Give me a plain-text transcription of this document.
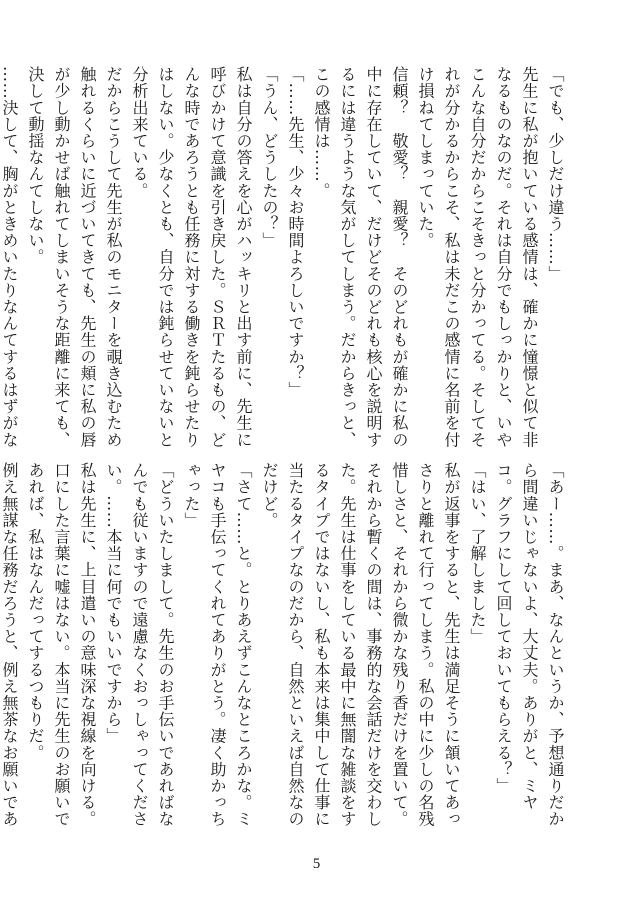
「でも、少しだけ違う……」

先生に私が抱いている感情は、確かに憧憬と似て非なるものなのだ。それは自分でもしっかりと、いやこんな自分だからこそきっと分かってる。そしてそれが分かるからこそ、私は未だこの感情に名前を付け損ねてしまっていた。

信頼？　敬愛？　親愛？　そのどれもが確かに私の中に存在していて、だけどそのどれも核心を説明するには違うような気がしてしまう。だからきっと、この感情は……。

「……先生、少々お時間よろしいですか？」

「うん、どうしたの？」

私は自分の答えを心がハッキリと出す前に、先生に呼びかけて意識を引き戻した。ＳＲＴたるもの、どんな時であろうとも任務に対する働きを鈍らせたりはしない。少なくとも、自分では鈍らせていないと分析出来ている。

だからこうして先生が私のモニターを覗き込むため触れるくらいに近づいてきても、先生の頬に私の唇が少し動かせば触れてしまいそうな距離に来ても、決して動揺なんてしない。

……決して、胸がときめいたりなんてするはずがな

「あー……。まあ、なんというか、予想通りだから間違いじゃないよ、大丈夫。ありがと、ミヤコ。グラフにして回しておいてもらえる？」

「はい、了解しました」

私が返事をすると、先生は満足そうに頷いてあっさりと離れて行ってしまう。私の中に少しの名残惜しさと、それから微かな残り香だけを置いて。

それから暫くの間は、事務的な会話だけを交わした。先生は仕事をしている最中に無闇な雑談をするタイプではないし、私も本来は集中して仕事に当たるタイプなのだから、自然といえば自然なのだけど。

「さて……と。とりあえずこんなところかな。ミヤコも手伝ってくれてありがとう。凄く助かっちゃった」

「どういたしまして。先生のお手伝いであればなんでも従いますので遠慮なくおっしゃってください。……本当に何でもいいですから」

私は先生に、上目遣いの意味深な視線を向ける。口にした言葉に嘘はない。本当に先生のお願いであれば、私はなんだってするつもりだ。

例え無謀な任務だろうと、例え無茶なお願いであ

5
